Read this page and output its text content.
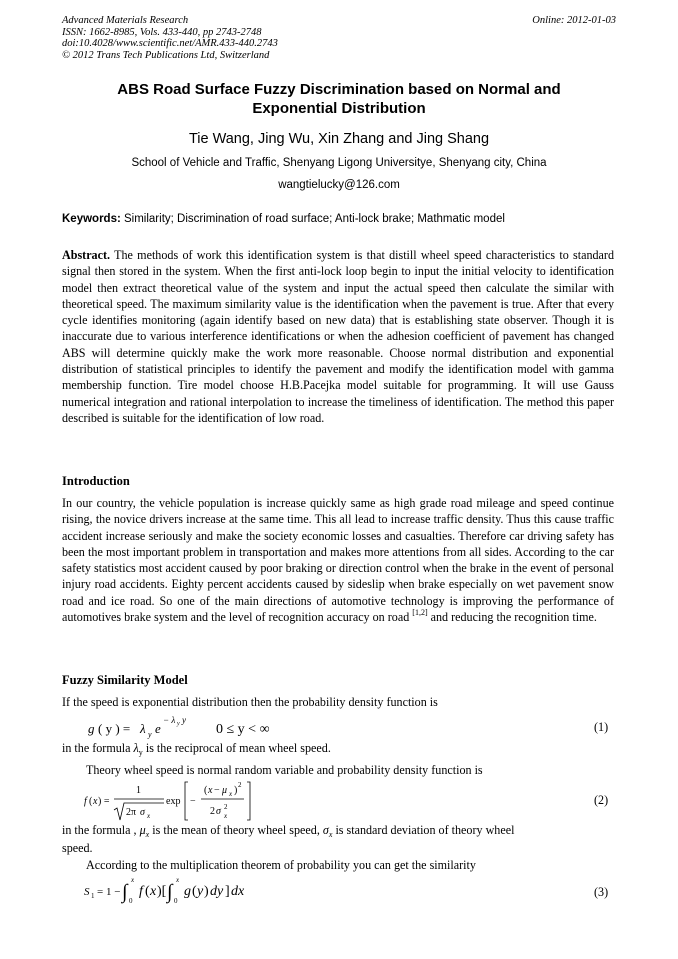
Advanced Materials Research	Online: 2012-01-03
ISSN: 1662-8985, Vols. 433-440, pp 2743-2748
doi:10.4028/www.scientific.net/AMR.433-440.2743
© 2012 Trans Tech Publications Ltd, Switzerland
ABS Road Surface Fuzzy Discrimination based on Normal and
Exponential Distribution
Tie Wang, Jing Wu, Xin Zhang and Jing Shang
School of Vehicle and Traffic, Shenyang Ligong Universitye, Shenyang city, China
wangtielucky@126.com
Keywords: Similarity; Discrimination of road surface; Anti-lock brake; Mathmatic model
Abstract. The methods of work this identification system is that distill wheel speed characteristics to standard signal then stored in the system. When the first anti-lock loop begin to input the initial velocity to identification model then extract theoretical value of the system and input the actual speed then calculate the similar with theoretical speed. The maximum similarity value is the identification when the pavement is true. After that every cycle identifies monitoring (again identify based on new data) that is establishing state observer. Though it is inaccurate due to various interference identifications or when the adhesion coefficient of pavement has changed ABS will determine quickly make the work more reasonable. Choose normal distribution and exponential distribution of statistical principles to identify the pavement and modify the identification model with gamma membership function. Tire model choose H.B.Pacejka model suitable for programming. It will use Gauss numerical integration and rational interpolation to increase the timeliness of identification. The method this paper described is suitable for the identification of low road.
Introduction
In our country, the vehicle population is increase quickly same as high grade road mileage and speed continue rising, the novice drivers increase at the same time. This all lead to increase traffic density. Thus this cause traffic accident increase seriously and make the society economic losses and casualties. Therefore car driving safety has been the most important problem in transportation and makes more attentions from all sides. According to the car safety statistics most accident caused by poor braking or direction control when the brake in the event of personal injury road accidents. Eighty percent accidents caused by sideslip when brake especially on wet pavement snow road and ice road. So one of the main directions of automotive technology is improving the performance of automotives brake system and the level of recognition accuracy on road [1,2] and reducing the recognition time.
Fuzzy Similarity Model
If the speed is exponential distribution then the probability density function is
g ( y ) = λ y e
− λ y y
0 ≤ y < ∞	(1)
in the formula $\lambda_y$ is the reciprocal of mean wheel speed.
Theory wheel speed is normal random variable and probability density function is
f ( x ) =
1
2π σ x
exp −
( x − μ x ) 2
2 σ 2
x
(2)
in the formula , $\mu_x$ is the mean of theory wheel speed, $\sigma_x$ is standard deviation of theory wheel
speed.
According to the multiplication theorem of probability you can get the similarity
S 1 = 1 − ∫
x
0
f ( x )[ ∫
x
0
g ( y ) dy ] dx	(3)
